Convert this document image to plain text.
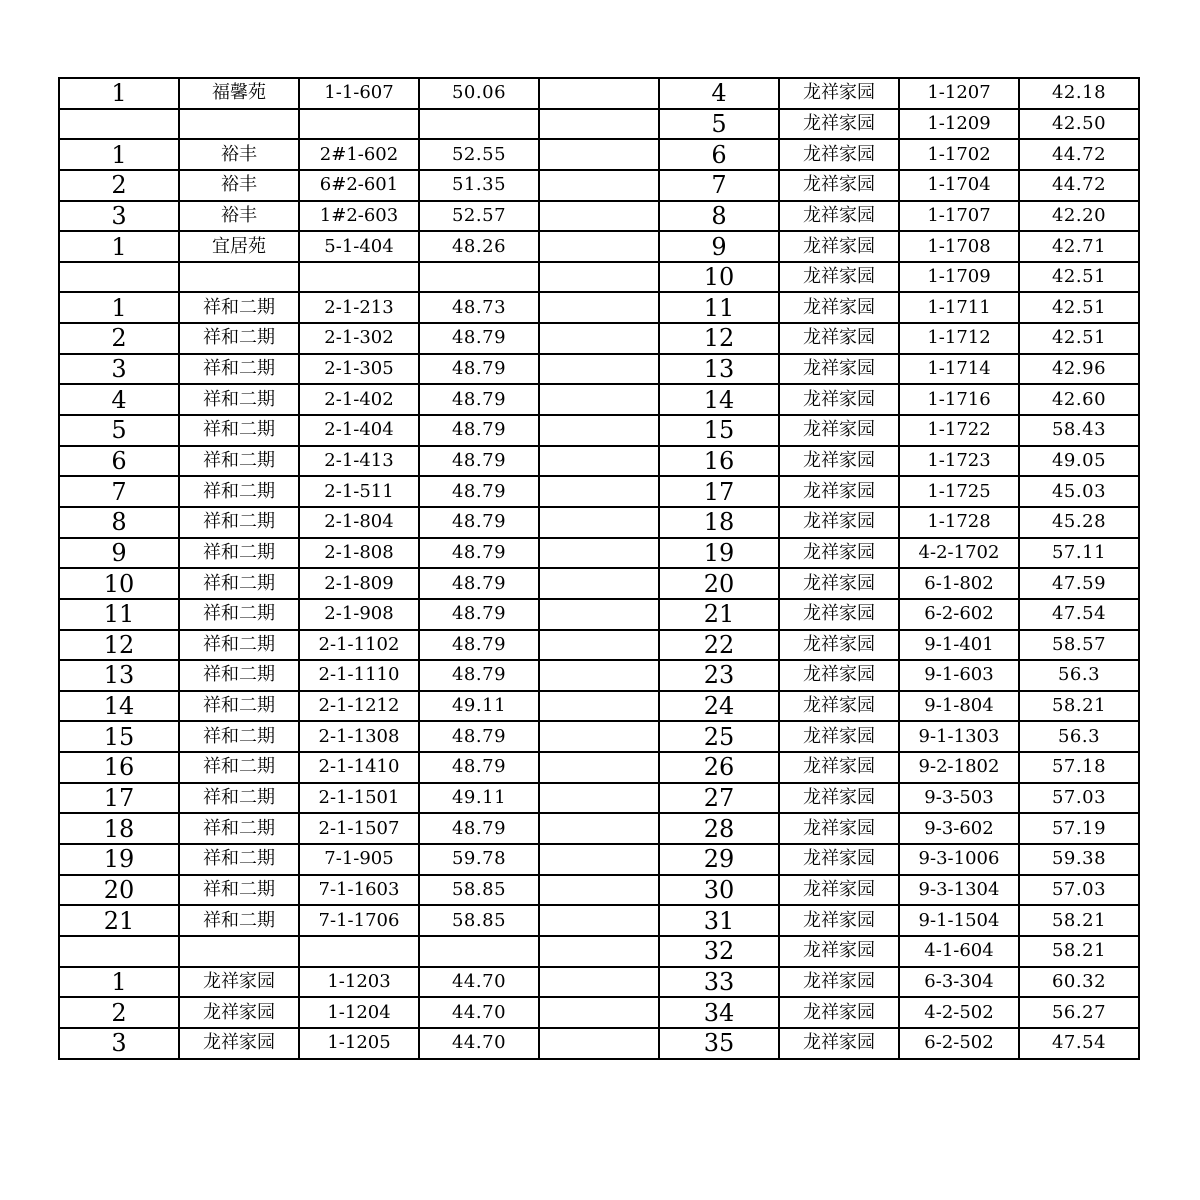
1	福馨苑	1-1-607	50.06		4	龙祥家园	1-1207	42.18
					5	龙祥家园	1-1209	42.50
1	裕丰	2#1-602	52.55		6	龙祥家园	1-1702	44.72
2	裕丰	6#2-601	51.35		7	龙祥家园	1-1704	44.72
3	裕丰	1#2-603	52.57		8	龙祥家园	1-1707	42.20
1	宜居苑	5-1-404	48.26		9	龙祥家园	1-1708	42.71
					10	龙祥家园	1-1709	42.51
1	祥和二期	2-1-213	48.73		11	龙祥家园	1-1711	42.51
2	祥和二期	2-1-302	48.79		12	龙祥家园	1-1712	42.51
3	祥和二期	2-1-305	48.79		13	龙祥家园	1-1714	42.96
4	祥和二期	2-1-402	48.79		14	龙祥家园	1-1716	42.60
5	祥和二期	2-1-404	48.79		15	龙祥家园	1-1722	58.43
6	祥和二期	2-1-413	48.79		16	龙祥家园	1-1723	49.05
7	祥和二期	2-1-511	48.79		17	龙祥家园	1-1725	45.03
8	祥和二期	2-1-804	48.79		18	龙祥家园	1-1728	45.28
9	祥和二期	2-1-808	48.79		19	龙祥家园	4-2-1702	57.11
10	祥和二期	2-1-809	48.79		20	龙祥家园	6-1-802	47.59
11	祥和二期	2-1-908	48.79		21	龙祥家园	6-2-602	47.54
12	祥和二期	2-1-1102	48.79		22	龙祥家园	9-1-401	58.57
13	祥和二期	2-1-1110	48.79		23	龙祥家园	9-1-603	56.3
14	祥和二期	2-1-1212	49.11		24	龙祥家园	9-1-804	58.21
15	祥和二期	2-1-1308	48.79		25	龙祥家园	9-1-1303	56.3
16	祥和二期	2-1-1410	48.79		26	龙祥家园	9-2-1802	57.18
17	祥和二期	2-1-1501	49.11		27	龙祥家园	9-3-503	57.03
18	祥和二期	2-1-1507	48.79		28	龙祥家园	9-3-602	57.19
19	祥和二期	7-1-905	59.78		29	龙祥家园	9-3-1006	59.38
20	祥和二期	7-1-1603	58.85		30	龙祥家园	9-3-1304	57.03
21	祥和二期	7-1-1706	58.85		31	龙祥家园	9-1-1504	58.21
					32	龙祥家园	4-1-604	58.21
1	龙祥家园	1-1203	44.70		33	龙祥家园	6-3-304	60.32
2	龙祥家园	1-1204	44.70		34	龙祥家园	4-2-502	56.27
3	龙祥家园	1-1205	44.70		35	龙祥家园	6-2-502	47.54
